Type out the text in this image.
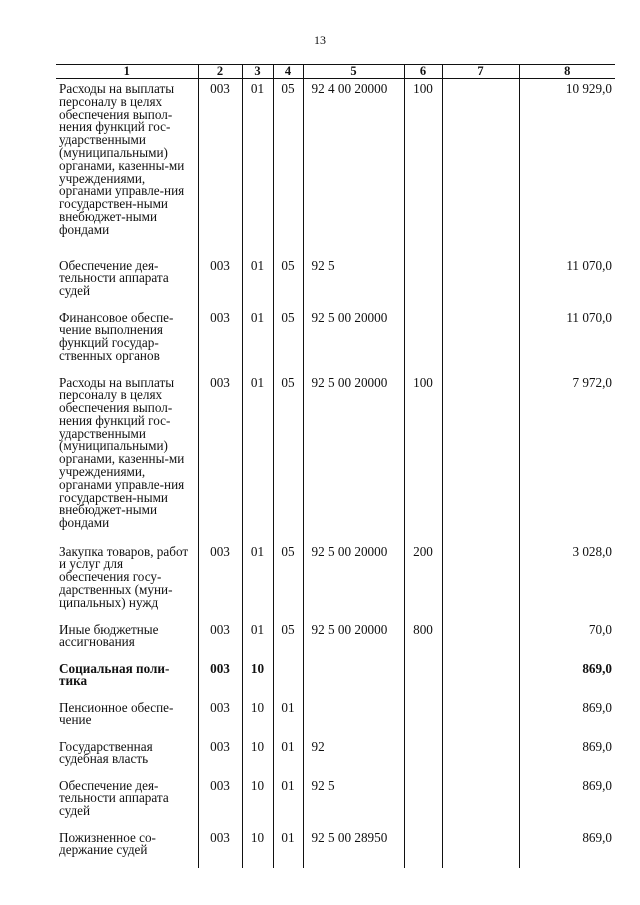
13
1	2	3	4	5	6	7	8
Расходы на выплаты персоналу в целях обеспечения выпол-нения функций гос-ударственными (муниципальными) органами, казенны-ми учреждениями, органами управле-ния государствен-ными внебюджет-ными фондами	003	01	05	92 4 00 20000	100		10 929,0
Обеспечение дея-тельности аппарата судей	003	01	05	92 5			11 070,0
Финансовое обеспе-чение выполнения функций государ-ственных органов	003	01	05	92 5 00 20000			11 070,0
Расходы на выплаты персоналу в целях обеспечения выпол-нения функций гос-ударственными (муниципальными) органами, казенны-ми учреждениями, органами управле-ния государствен-ными внебюджет-ными фондами	003	01	05	92 5 00 20000	100		7 972,0
Закупка товаров, работ и услуг для обеспечения госу-дарственных (муни-ципальных) нужд	003	01	05	92 5 00 20000	200		3 028,0
Иные бюджетные ассигнования	003	01	05	92 5 00 20000	800		70,0
Социальная поли-тика	003	10					869,0
Пенсионное обеспе-чение	003	10	01				869,0
Государственная судебная власть	003	10	01	92			869,0
Обеспечение дея-тельности аппарата судей	003	10	01	92 5			869,0
Пожизненное со-держание судей	003	10	01	92 5 00 28950			869,0
